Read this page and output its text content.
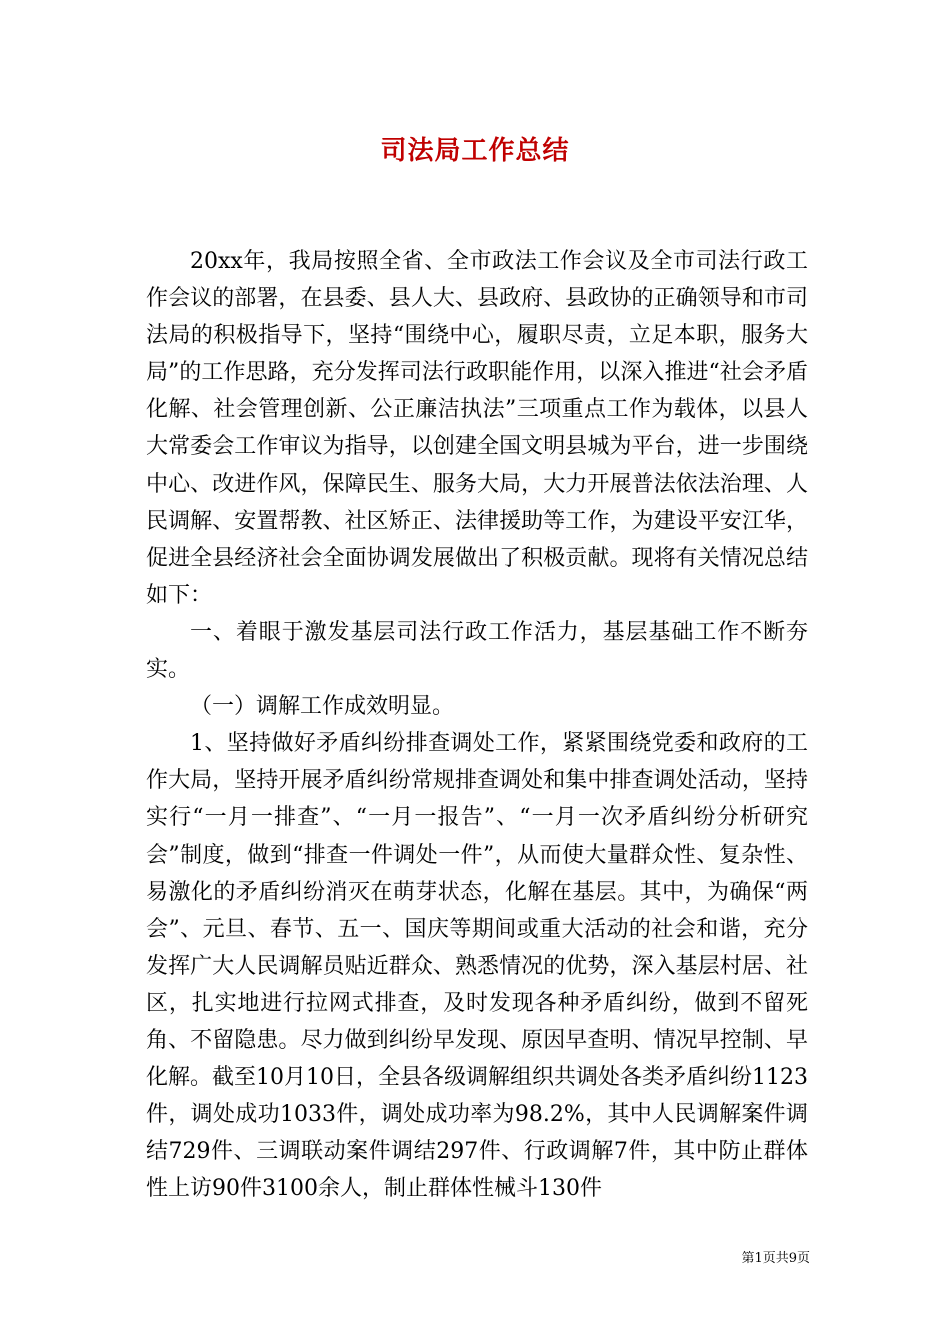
司法局工作总结

20xx年，我局按照全省、全市政法工作会议及全市司法行政工作会议的部署，在县委、县人大、县政府、县政协的正确领导和市司法局的积极指导下，坚持“围绕中心，履职尽责，立足本职，服务大局”的工作思路，充分发挥司法行政职能作用，以深入推进“社会矛盾化解、社会管理创新、公正廉洁执法”三项重点工作为载体，以县人大常委会工作审议为指导，以创建全国文明县城为平台，进一步围绕中心、改进作风，保障民生、服务大局，大力开展普法依法治理、人民调解、安置帮教、社区矫正、法律援助等工作，为建设平安江华，促进全县经济社会全面协调发展做出了积极贡献。现将有关情况总结如下：

一、着眼于激发基层司法行政工作活力，基层基础工作不断夯实。

（一）调解工作成效明显。

1、坚持做好矛盾纠纷排查调处工作，紧紧围绕党委和政府的工作大局，坚持开展矛盾纠纷常规排查调处和集中排查调处活动，坚持实行“一月一排查”、“一月一报告”、“一月一次矛盾纠纷分析研究会”制度，做到“排查一件调处一件”，从而使大量群众性、复杂性、易激化的矛盾纠纷消灭在萌芽状态，化解在基层。其中，为确保“两会”、元旦、春节、五一、国庆等期间或重大活动的社会和谐，充分发挥广大人民调解员贴近群众、熟悉情况的优势，深入基层村居、社区，扎实地进行拉网式排查，及时发现各种矛盾纠纷，做到不留死角、不留隐患。尽力做到纠纷早发现、原因早查明、情况早控制、早化解。截至10月10日，全县各级调解组织共调处各类矛盾纠纷1123件，调处成功1033件，调处成功率为98.2%，其中人民调解案件调结729件、三调联动案件调结297件、行政调解7件，其中防止群体性上访90件3100余人，制止群体性械斗130件

第1页共9页
